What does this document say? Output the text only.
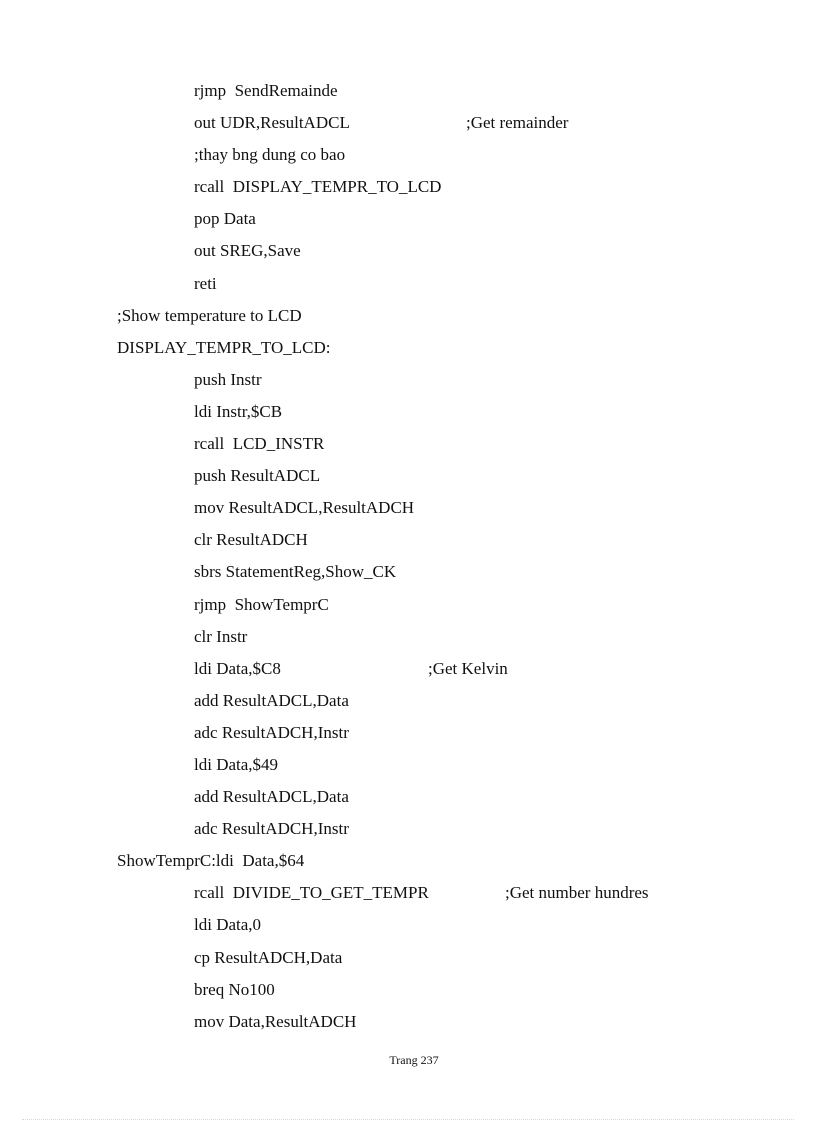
rjmp  SendRemainde

out UDR,ResultADCL

	;Get remainder

;thay bng dung co bao

rcall  DISPLAY_TEMPR_TO_LCD

pop Data

out SREG,Save

reti

;Show temperature to LCD

DISPLAY_TEMPR_TO_LCD:

push Instr

ldi Instr,$CB

rcall  LCD_INSTR

push ResultADCL

mov ResultADCL,ResultADCH

clr ResultADCH

sbrs StatementReg,Show_CK

rjmp  ShowTemprC

clr Instr

ldi Data,$C8

	;Get Kelvin

add ResultADCL,Data

adc ResultADCH,Instr

ldi Data,$49

add ResultADCL,Data

adc ResultADCH,Instr

ShowTemprC:ldi  Data,$64

rcall  DIVIDE_TO_GET_TEMPR

	;Get number hundres

ldi Data,0

cp ResultADCH,Data

breq No100

mov Data,ResultADCH

Trang 237
